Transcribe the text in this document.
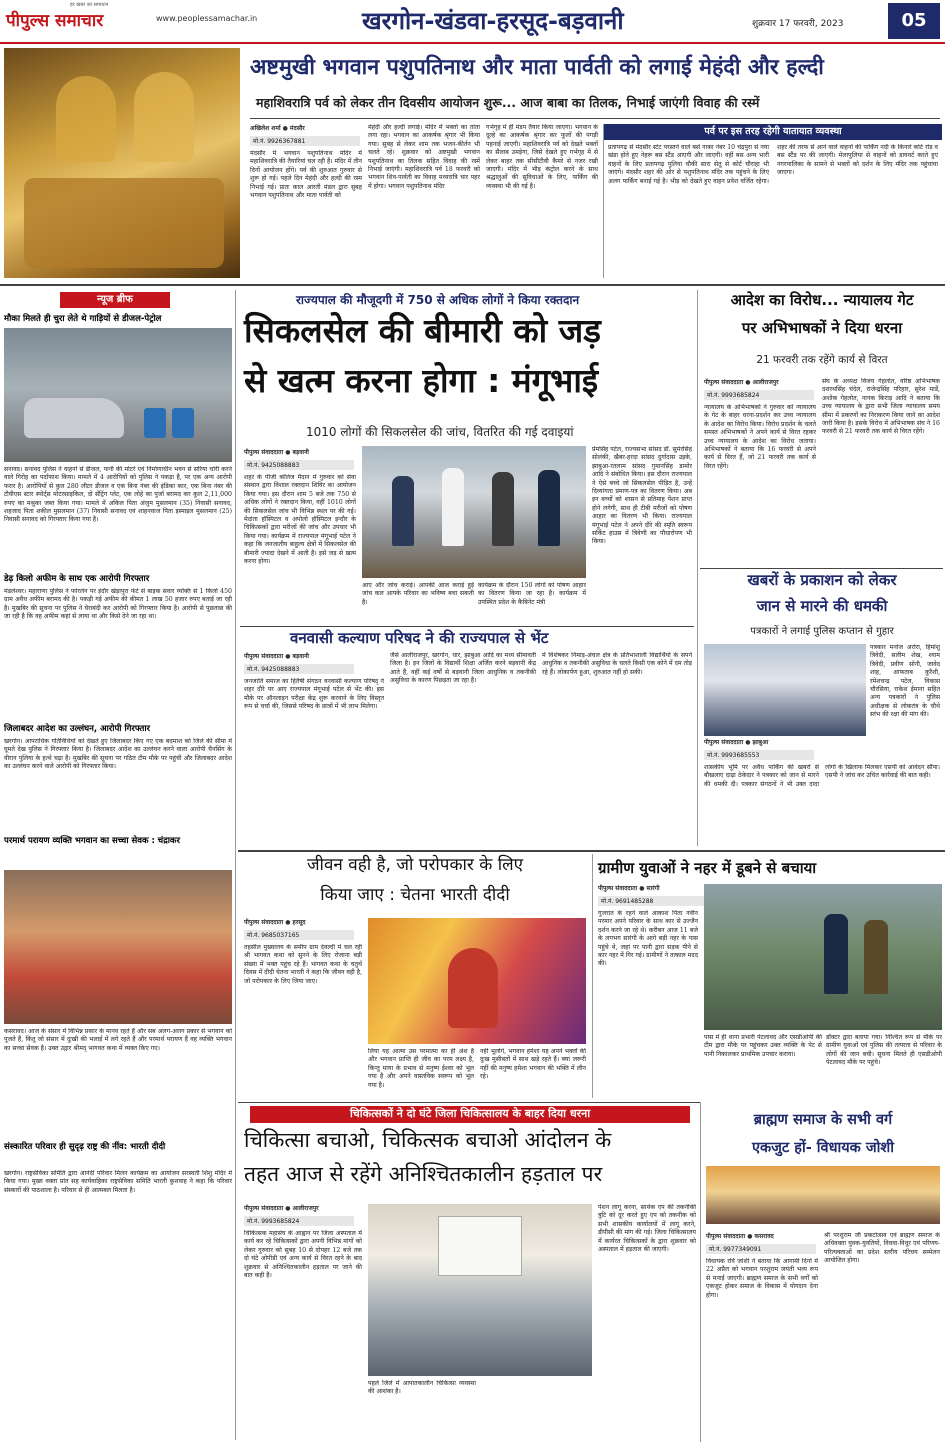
पीपुल्स समाचार
हर खबर का समाधान
www.peoplessamachar.in	खरगोन-खंडवा-हरसूद-बड़वानी	शुक्रवार 17 फरवरी, 2023	05
अष्टमुखी भगवान पशुपतिनाथ और माता पार्वती को लगाई मेहंदी और हल्दी
महाशिवरात्रि पर्व को लेकर तीन दिवसीय आयोजन शुरू... आज बाबा का तिलक, निभाई जाएंगी विवाह की रस्में
अखिलेश शर्मा ● मंदसौर
मो.नं. 9926367881
मंदसौर में भगवान पशुपतिनाथ मंदिर में महाशिवरात्रि की तैयारियां चल रही हैं। मंदिर में तीन दिनों आयोजन होंगे। पर्व की शुरुआत गुरुवार से शुरू हो गई। पहले दिन मेहंदी और हल्दी की रस्म निभाई गई। प्रातः काल आरती मंडल द्वारा सुबह भगवान पशुपतिनाथ और माता पार्वती को
मेहंदी और हल्दी लगाई। मंदिर में भक्तों का तांता लगा रहा। भगवान का आकर्षक श्रृंगार भी किया गया। सुबह से लेकर शाम तक भजन-कीर्तन भी चलते रहे। शुक्रवार को अष्टमुखी भगवान पशुपतिनाथ का तिलक सहित विवाह की रस्में निभाई जाएंगी। महाशिवरात्रि पर्व 18 फरवरी को भगवान शिव-पार्वती का विवाह मध्यरात्रि चार पहर में होगा। भगवान पशुपतिनाथ मंदिर
गर्भगृह में ही मंडप तैयार किया जाएगा। भगवान के दूल्हे का आकर्षक श्रृंगार कर फूलों की पगड़ी पहनाई जाएगी। महाशिवरात्रि पर्व को देखते भक्तों का सैलाब उमड़ेगा, जिसे देखते हुए गर्भगृह में से लेकर बाहर तक सीसीटीवी कैमरे से नजर रखी जाएगी। मंदिर में भीड़ कंट्रोल करने के साथ श्रद्धालुओं की सुविधाओं के लिए, पार्किंग की व्यवस्था भी की गई है।
पर्व पर इस तरह रहेगी यातायात व्यवस्था
प्रतापगढ़ से मंदसौर स्टेट परस्तने वाले बसें नाका नंबर 10 चंद्रपुरा से नया खंडा होते हुए नेहरू बस स्टैंड आएगी और जाएगी। वहीं बस अन्य भारी वाहनों के लिए प्रतापगढ़ पुलिया चौकी सारा सेतु से कोर्ट चौराहा भी जाएंगे। मंदसौर शहर की ओर से पशुपतिनाथ मंदिर तक पहुंचने के लिए अलग पार्किंग बनाई गई है। भीड़ को देखते हुए वाहन प्रवेश वर्जित रहेगा। शहर की तरफ से आने वाले वाहनों की पार्किंग नदी के किनारे कोर्ट रोड व बस स्टैंड पर की जाएगी। मेलापुलिया से वाहनों को डायवर्ट करते हुए नगरपालिका के सामने से भक्तों को दर्शन के लिए मंदिर तक पहुंचाया जाएगा।
न्यूज ब्रीफ
मौका मिलते ही चुरा लेते थे गाड़ियों से डीजल-पेट्रोल
सनावद। सनावद पुलिस ने वाहनों से डीजल, पानी की मोटरें एवं निर्माणाधीन भवन से सरिया चोरी करने वाले गिरोह का पर्दाफाश किया। मामले में 4 आरोपियों को पुलिस ने पकड़ा है, पर एक अन्य आरोपी फरार है। आरोपियों से कुल 280 लीटर डीजल व एक बिना नंबर की इंडिका कार, एक बिना नंबर की टीवीएस स्टार स्पोर्ट्स मोटरसाइकिल, दो सेंट्रिंग प्लेट, एक लोहे का पुर्जा बरामद कर कुल 2,11,000 रुपए का मश्रुका जब्त किया गया। मामले में अकिल पिता अंजुम मुसलमान (35) निवासी सनावद, शहजाद पिता शकील मुसलमान (37) निवासी सनावद एवं शाहनवाज पिता इस्माइल मुसलमान (25) निवासी सनावद को गिरफ्तार किया गया है।
डेढ़ किलो अफीम के साथ एक आरोपी गिरफ्तार
मंडलेश्वर। महाराणा पुलिस ने फोरलेन पर इंदौर खेड़ापुरा फंटे से बाइक सवार व्यक्ति से 1 किलो 450 ग्राम अवैध अफीम बरामद की है। पकड़ी गई अफीम की कीमत 1 लाख 50 हजार रुपए बताई जा रही है। मुखबिर की सूचना पर पुलिस ने घेराबंदी कर आरोपी को गिरफ्तार किया है। आरोपी से पूछताछ की जा रही है कि वह अफीम कहां से लाया था और किसे देने जा रहा था।
जिलाबदर आदेश का उल्लंघन, आरोपी गिरफ्तार
खरगोन। आपराधिक गतिविधियों को देखते हुए जिलाबदर किए गए एक बदमाश को जिले की सीमा में घूमते देख पुलिस ने गिरफ्तार किया है। जिलाबदर आदेश का उल्लंघन करने वाला आरोपी चैनसिंग के वीरान पुलिया के हत्थे चढ़ा है। मुखबिर की सूचना पर गठित टीम मौके पर पहुंची और जिलाबदर आदेश का उल्लंघन करने वाले आरोपी को गिरफ्तार किया।
परमार्थ परायण व्यक्ति भगवान का सच्चा सेवक : चंद्राकर
कसरावद। आज के संसार में विभिन्न प्रकार के मानव रहते हैं और सब अलग-अलग प्रकार से भगवान को पूजते हैं, किंतु जो संसार में दुःखी की भलाई में लगे रहते हैं और परमार्थ परायण हैं वह व्यक्ति भगवान का सच्चा सेवक है। उक्त उद्गार श्रीमद् भागवत कथा में व्यक्त किए गए।
संस्कारित परिवार ही सुदृढ़ राष्ट्र की नींव: भारती दीदी
खरगोन। राष्ट्रसेविका समिति द्वारा आनंदी परिवार मिलन कार्यक्रम का आयोजन सरस्वती शिशु मंदिर में किया गया। मुख्य वक्ता प्रांत सह कार्यवाहिका राष्ट्रसेविका समिति भारती कुशवाह ने कहा कि परिवार संस्कारों की पाठशाला है। परिवार से ही आत्मबल मिलता है।
राज्यपाल की मौजूदगी में 750 से अधिक लोगों ने किया रक्तदान
सिकलसेल की बीमारी को जड़
से खत्म करना होगा : मंगूभाई
1010 लोगों की सिकलसेल की जांच, वितरित की गई दवाइयां
पीपुल्स संवाददाता ● बड़वानी
मो.नं. 9425088883
शहर के पीजी कॉलेज मैदान में गुरुवार को सेवा संस्थान द्वारा विशाल रक्तदान शिविर का आयोजन किया गया। इस दौरान शाम 5 बजे तक 750 से अधिक लोगों ने रक्तदान किया, वहीं 1010 लोगों की सिकलसेल जांच भी विभिन्न स्थल पर की गई। मेदांता हॉस्पिटल व अपोलो हॉस्पिटल इन्दौर के चिकित्सकों द्वारा मरीजों की जांच और उपचार भी किया गया। कार्यक्रम में राज्यपाल मंगूभाई पटेल ने कहा कि जनजातीय बाहुल्य क्षेत्रों में सिकलसेल की बीमारी ज्यादा देखने में आती है। इसे जड़ से खत्म करना होगा।
आए और जांच कराई। आपकी आज कराई हुई जांच कल आपके परिवार का भविष्य बचा सकती है।
कार्यक्रम के दौरान 150 लोगों को पोषण आहार का वितरण किया जा रहा है। कार्यक्रम में उपस्थित प्रदेश के कैबिनेट मंत्री
प्रेमसिंह पटेल, राज्यसभा सांसद डॉ. सुमेरसिंह सोलंकी, खैबर-हरदा सांसद दुर्गादास उइके, झाबुआ-रतलाम सांसद गुमानसिंह डामोर आदि ने संबोधित किया। इस दौरान राज्यपाल ने ऐसे बच्चे जो सिकलसेल पीड़ित है, उन्हें दिव्यांगता प्रमाण-पत्र का वितरण किया। अब इन बच्चों को शासन से प्रतिमाह पेंशन प्राप्त होने लगेगी, साथ ही टीबी मरीजों को पोषण आहार का वितरण भी किया। राज्यपाल मंगूभाई पटेल ने अपने दौरे की स्मृति स्वरूप सर्किट हाउस में त्रिवेणी का पौधारोपण भी किया।
वनवासी कल्याण परिषद ने की राज्यपाल से भेंट
पीपुल्स संवाददाता ● बड़वानी
मो.नं. 9425088883
जनजाति समाज का हितैषी संगठन वनवासी कल्याण परिषद् ने शहर दौरे पर आए राज्यपाल मंगूभाई पटेल से भेंट की। इस मौके पर ऑनलाइन परीक्षा केंद्र शुरू करवाने के लिए विस्तृत रूप से चर्चा की, जिससे परिषद के छात्रों में भी लाभ मिलेगा।
जैसे आलीराजपुर, खरगोन, धार, झाबुआ आदि का मध्य सीमावर्ती जिला है। इन जिलों के विद्यार्थी शिक्षा अर्जित करने बड़वानी केंद्र आते हैं, वहीं कई वर्षों से बड़वानी जिला आधुनिक व तकनीकी असुविधा के कारण पिछड़ता जा रहा है।
में विशेषकर निमाड़-अंचल क्षेत्र के प्रतिभाशाली विद्यार्थियों के सपने आधुनिक व तकनीकी असुविधा के चलते किसी एक कोने में दम तोड़ रहे हैं। लोकार्पण हुआ, शुरुआत नहीं हो सकी।
आदेश का विरोध... न्यायालय गेट
पर अभिभाषकों ने दिया धरना
21 फरवरी तक रहेंगे कार्य से विरत
पीपुल्स संवाददाता ● आलीराजपुर
मो.नं. 9993685824
न्यायालय के अभिभाषकों ने गुरुवार को न्यायालय के गेट के बाहर धरना-प्रदर्शन कर उच्च न्यायालय के आदेश का विरोध किया। विरोध प्रदर्शन के चलते समस्त अभिभाषकों ने अपने कार्य से विरत रहकर उच्च न्यायालय के आदेश का विरोध जताया। अभिभाषकों ने बताया कि 16 फरवरी से अपने कार्य से विरत हैं, जो 21 फरवरी तक कार्य से विरत रहेंगे।
संघ के अध्यक्ष विजय गेहलोत, वरिष्ठ अभिभाषक दशरथसिंह चंदेल, राजेन्द्रसिंह परिहार, सुरेश मार्डे, अशोक गेहलोत, नानक किराड़ आदि ने बताया कि उच्च न्यायालय के द्वारा सभी जिला न्यायालय समय सीमा में प्रकरणों का निराकरण किया जाने का आदेश जारी किया है। इसके विरोध में अभिभाषक संघ ने 16 फरवरी से 21 फरवरी तक कार्य से विरत रहेंगे।
खबरों के प्रकाशन को लेकर
जान से मारने की धमकी
पत्रकारों ने लगाई पुलिस कप्तान से गुहार
पत्रकार मनोज अरोरा, हिमांशु त्रिवेदी, सलीम शेख, श्याम त्रिवेदी, प्रवीण सोनी, जावेद शाह, आफताब कुरैशी, रमेशचन्द्र पटेल, विकास चौरसिया, राकेश ईमाना सहित अन्य पत्रकारों ने पुलिस अधीक्षक से लोकतंत्र के चौथे स्तंभ की रक्षा की मांग की।
पीपुल्स संवाददाता ● झाबुआ
मो.नं. 9993685553
शासकीय भूमि पर अवैध पार्किंग की खबरों से बौखलाए दाढ़ा ठेकेदार ने पत्रकार को जान से मारने की धमकी दी। पत्रकार संगठनों ने भी उक्त दादा लोगों के खिलाफ मिलकर एसपी को आवेदन सौंपा। एसपी ने जांच कर उचित कार्रवाई की बात कही।
जीवन वही है, जो परोपकार के लिए
किया जाए : चेतना भारती दीदी
पीपुल्स संवाददाता ● हरसूद
मो.नं. 9685037165
तहसील मुख्यालय के समीप ग्राम देवल्दी में चल रही श्री भागवत कथा को सुनने के लिए रोजाना बड़ी संख्या में भक्त पहुंच रहे हैं। भागवत कथा के चतुर्थ दिवस में दीदी चेतना भारती ने कहा कि जीवन वही है, जो परोपकार के लिए जिया जाए।
लिया यह आत्मा उस परमात्मा का ही अंश है और भगवान प्राप्ति ही जीव का परम लक्ष्य है, किन्तु माया के प्रभाव से मनुष्य ईश्वर को भूल गया है और अपने वास्तविक स्वरूप को भूल गया है।
नहीं भूलोगे, भगवान हमेशा यह अपने भक्तों की दुःख मुसीबतों में साथ खड़े रहते हैं। क्या जरूरी नहीं की मनुष्य हमेशा भगवान की भक्ति में लीन रहे।
ग्रामीण युवाओं ने नहर में डूबने से बचाया
पीपुल्स संवाददाता ● सारंगी
मो.नं. 9691485288
गुजरात के रहने वाले आकाश पिता नवीन परमार अपने परिवार के साथ कार से उज्जैन दर्शन करने जा रहे थे। करीबन आज 11 बजे के लगभग सारंगी के आगे बड़ी नहर के पास पहुंचे थे, जहां पर पानी द्वारा सड़क पीने से कार नहर में गिर गई। ग्रामीणों ने तत्काल मदद की।
पास में ही थाना प्रभारी पेटलावद और एसडीओपी की टीम द्वारा मौके पर पहुंचकर उक्त व्यक्ति के पेट से पानी निकालकर प्राथमिक उपचार कराया।
डॉक्टर द्वारा बताया गया। निश्चित रूप से मौके पर ग्रामीण युवाओं एवं पुलिस की तत्परता से परिवार के लोगों की जान बची। सूचना मिलते ही एसडीओपी पेटलावद मौके पर पहुंचे।
चिकित्सकों ने दो घंटे जिला चिकित्सालय के बाहर दिया धरना
चिकित्सा बचाओ, चिकित्सक बचाओ आंदोलन के
तहत आज से रहेंगे अनिश्चितकालीन हड़ताल पर
पीपुल्स संवाददाता ● आलीराजपुर
मो.नं. 9993685824
चिकित्सक महासंघ के आह्वान पर जिला अस्पताल में कार्य कर रहे चिकित्सकों द्वारा अपनी विभिन्न मांगों को लेकर गुरुवार को सुबह 10 से दोपहर 12 बजे तक दो घंटे ओपीडी एवं अन्य कार्य से विरत रहने के बाद शुक्रवार से अनिश्चितकालीन हड़ताल पर जाने की बात कही है।
पहले जिले में आपातकालीन चिकित्सा व्यवस्था की आशंका है।
पेंशन लागू करना, सार्थक एप की तकनीकी त्रुटि को दूर करते हुए एप को तकनीक को सभी शासकीय कार्यालयों में लागू करने, डीपीसी की मांग की गई। जिला चिकित्सालय में कार्यरत चिकित्सकों के द्वारा शुक्रवार को अस्पताल में हड़ताल की जाएगी।
ब्राह्मण समाज के सभी वर्ग
एकजुट हों- विधायक जोशी
पीपुल्स संवाददाता ● कसरावद
मो.नं. 9977349091
विधायक रवि जोशी ने बताया कि आगामी दिनों में 22 अप्रैल को भगवान परशुराम जयंती भव्य रूप से मनाई जाएगी। ब्राह्मण समाज के सभी वर्गों को एकजुट होकर समाज के विकास में योगदान देना होगा।
श्री परशुराम जी प्रकटोत्सव एवं ब्राह्मण समाज के अधिवक्ता युवक-युवतियों, विधवा-विधुर एवं परिणय-परित्यक्ताओं का प्रदेश स्तरीय परिचय सम्मेलन आयोजित होगा।
